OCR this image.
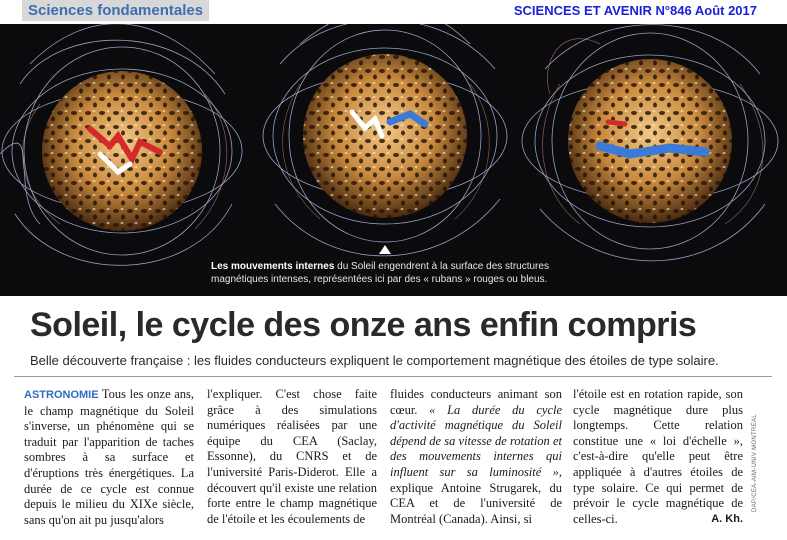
Sciences fondamentales	SCIENCES ET AVENIR N°846 Août 2017
Les mouvements internes du Soleil engendrent à la surface des structures magnétiques intenses, représentées ici par des « rubans » rouges ou bleus.
Soleil, le cycle des onze ans enfin compris

Belle découverte française : les fluides conducteurs expliquent le comportement magnétique des étoiles de type solaire.

ASTRONOMIE Tous les onze ans, le champ magnétique du Soleil s'inverse, un phénomène qui se traduit par l'apparition de taches sombres à sa surface et d'éruptions très énergétiques. La durée de ce cycle est connue depuis le milieu du XIXe siècle, sans qu'on ait pu jusqu'alors
l'expliquer. C'est chose faite grâce à des simulations numériques réalisées par une équipe du CEA (Saclay, Essonne), du CNRS et de l'université Paris-Diderot. Elle a découvert qu'il existe une relation forte entre le champ magnétique de l'étoile et les écoulements de
fluides conducteurs animant son cœur. « La durée du cycle d'activité magnétique du Soleil dépend de sa vitesse de rotation et des mouvements internes qui influent sur sa luminosité », explique Antoine Strugarek, du CEA et de l'université de Montréal (Canada). Ainsi, si
l'étoile est en rotation rapide, son cycle magnétique dure plus longtemps. Cette relation constitue une « loi d'échelle », c'est-à-dire qu'elle peut être appliquée à d'autres étoiles de type solaire. Ce qui permet de prévoir le cycle magnétique de celles-ci.	A. Kh.
DAP/CEA-AIM-UNIV MONTRÉAL
